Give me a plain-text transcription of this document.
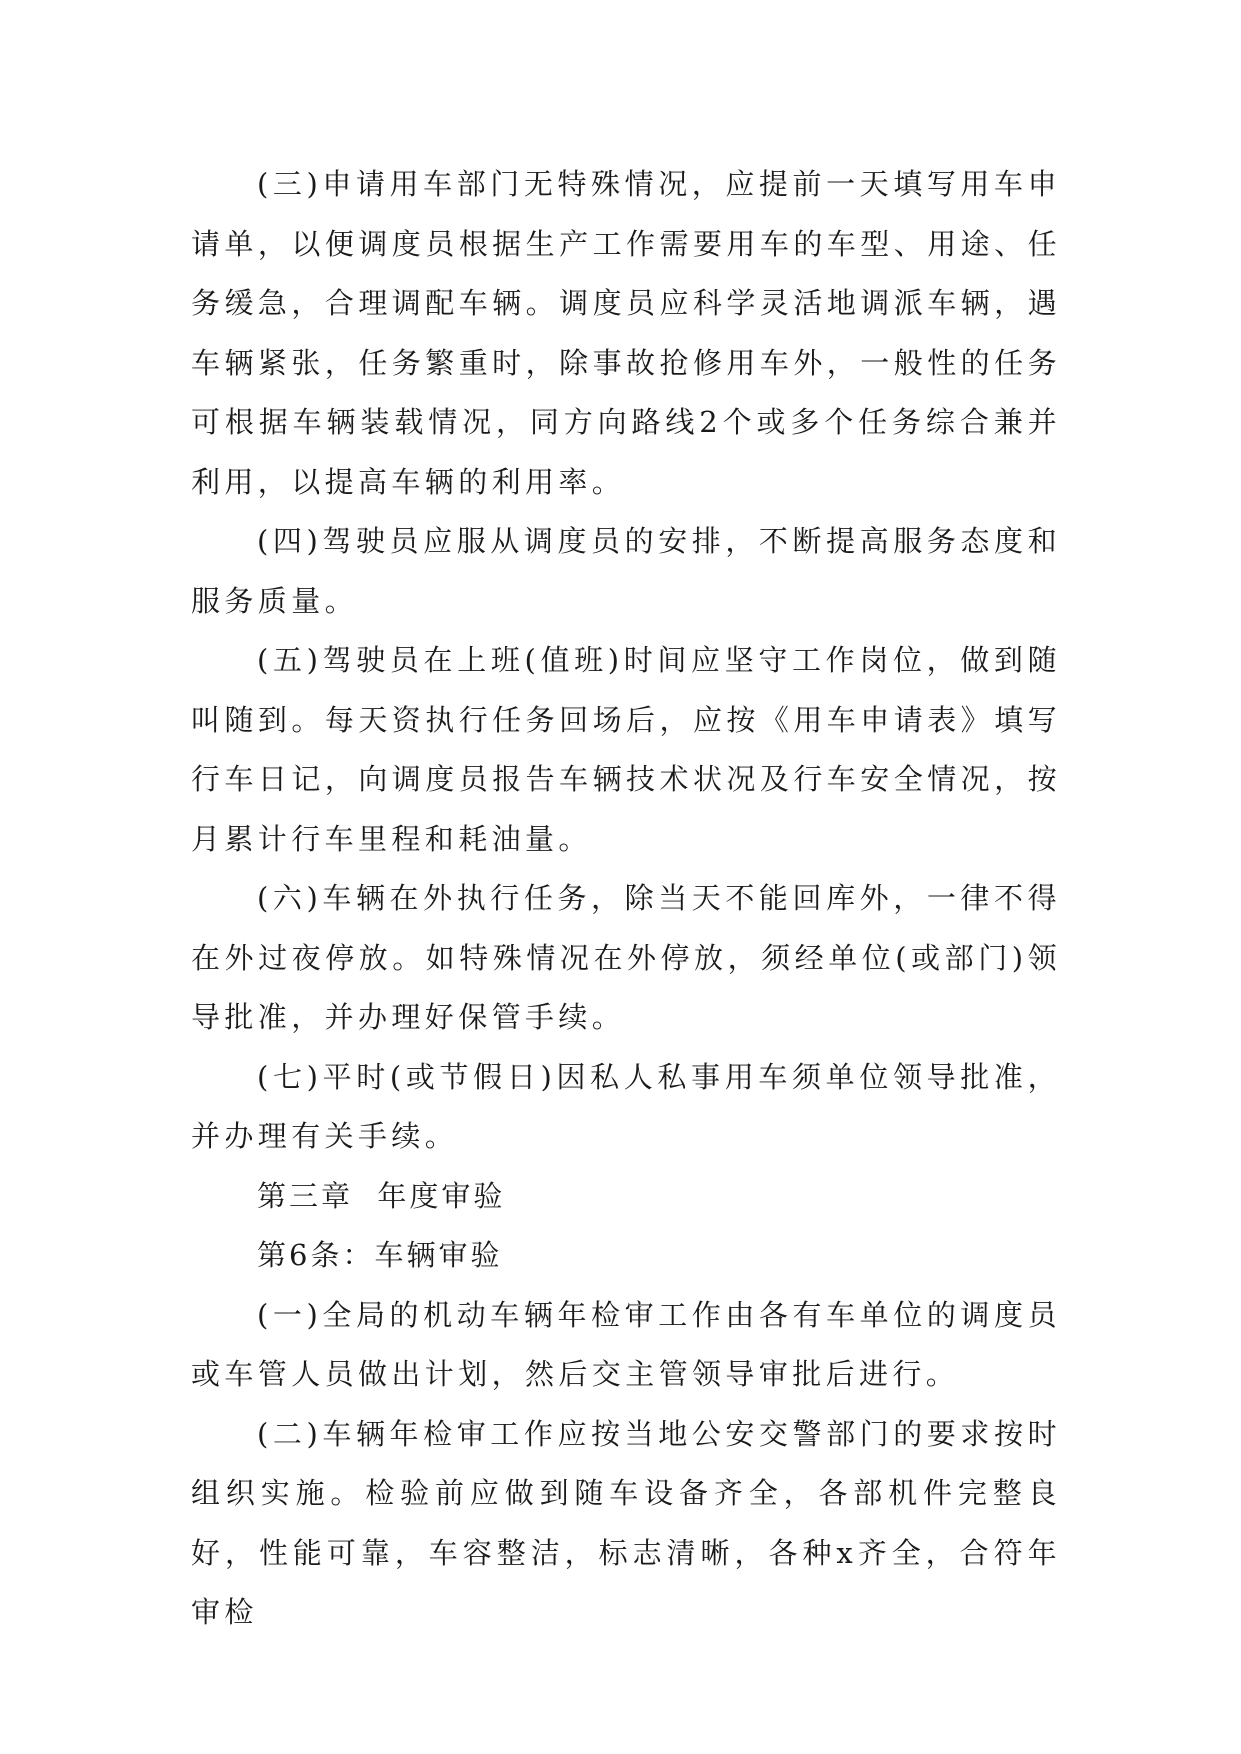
(三)申请用车部门无特殊情况，应提前一天填写用车申请单，以便调度员根据生产工作需要用车的车型、用途、任务缓急，合理调配车辆。调度员应科学灵活地调派车辆，遇车辆紧张，任务繁重时，除事故抢修用车外，一般性的任务可根据车辆装载情况，同方向路线2个或多个任务综合兼并利用，以提高车辆的利用率。

(四)驾驶员应服从调度员的安排，不断提高服务态度和服务质量。

(五)驾驶员在上班(值班)时间应坚守工作岗位，做到随叫随到。每天资执行任务回场后，应按《用车申请表》填写行车日记，向调度员报告车辆技术状况及行车安全情况，按月累计行车里程和耗油量。

(六)车辆在外执行任务，除当天不能回库外，一律不得在外过夜停放。如特殊情况在外停放，须经单位(或部门)领导批准，并办理好保管手续。

(七)平时(或节假日)因私人私事用车须单位领导批准，并办理有关手续。

第三章  年度审验

第6条：车辆审验

(一)全局的机动车辆年检审工作由各有车单位的调度员或车管人员做出计划，然后交主管领导审批后进行。

(二)车辆年检审工作应按当地公安交警部门的要求按时组织实施。检验前应做到随车设备齐全，各部机件完整良好，性能可靠，车容整洁，标志清晰，各种x齐全，合符年审检
